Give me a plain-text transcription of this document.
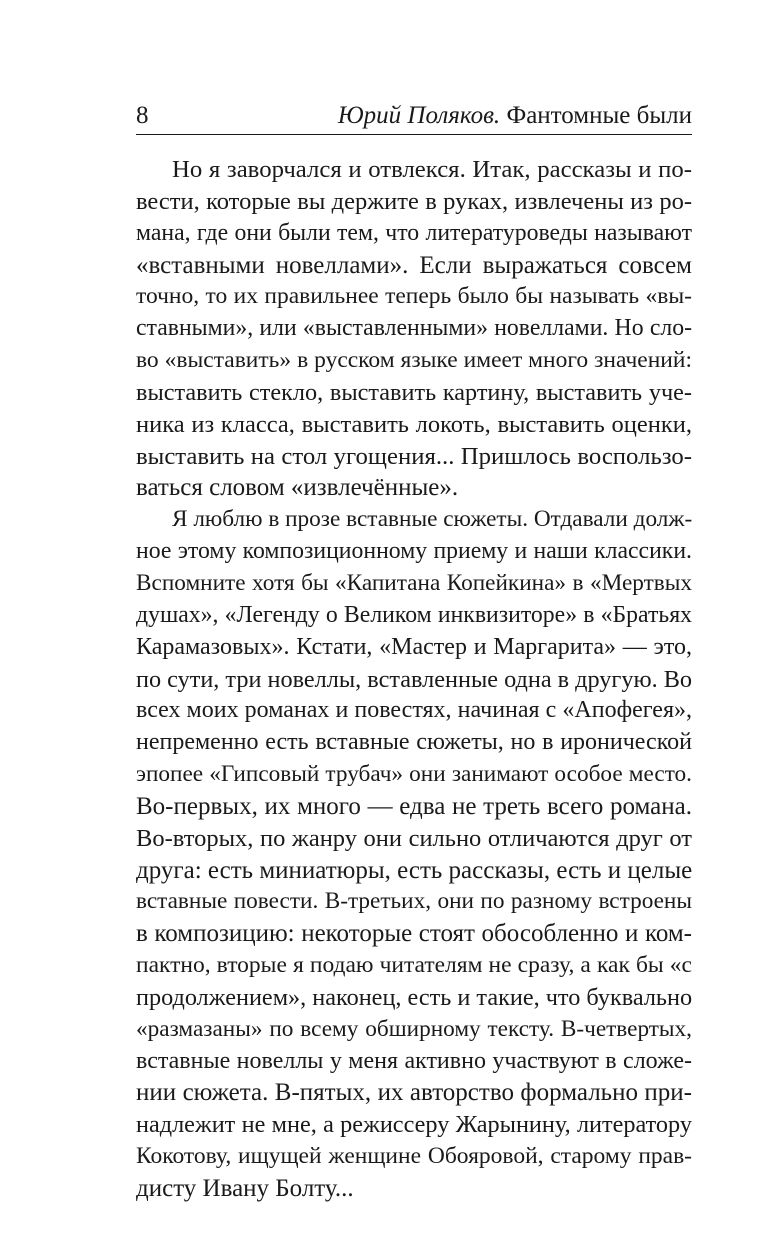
8	Юрий Поляков. Фантомные были
Но я заворчался и отвлекся. Итак, рассказы и по-
вести, которые вы держите в руках, извлечены из ро-
мана, где они были тем, что литературоведы называют
«вставными новеллами». Если выражаться совсем
точно, то их правильнее теперь было бы называть «вы-
ставными», или «выставленными» новеллами. Но сло-
во «выставить» в русском языке имеет много значений:
выставить стекло, выставить картину, выставить уче-
ника из класса, выставить локоть, выставить оценки,
выставить на стол угощения... Пришлось воспользо-
ваться словом «извлечённые».
Я люблю в прозе вставные сюжеты. Отдавали долж-
ное этому композиционному приему и наши классики.
Вспомните хотя бы «Капитана Копейкина» в «Мертвых
душах», «Легенду о Великом инквизиторе» в «Братьях
Карамазовых». Кстати, «Мастер и Маргарита» — это,
по сути, три новеллы, вставленные одна в другую. Во
всех моих романах и повестях, начиная с «Апофегея»,
непременно есть вставные сюжеты, но в иронической
эпопее «Гипсовый трубач» они занимают особое место.
Во-первых, их много — едва не треть всего романа.
Во-вторых, по жанру они сильно отличаются друг от
друга: есть миниатюры, есть рассказы, есть и целые
вставные повести. В-третьих, они по разному встроены
в композицию: некоторые стоят обособленно и ком-
пактно, вторые я подаю читателям не сразу, а как бы «с
продолжением», наконец, есть и такие, что буквально
«размазаны» по всему обширному тексту. В-четвертых,
вставные новеллы у меня активно участвуют в сложе-
нии сюжета. В-пятых, их авторство формально при-
надлежит не мне, а режиссеру Жарынину, литератору
Кокотову, ищущей женщине Обояровой, старому прав-
дисту Ивану Болту...
